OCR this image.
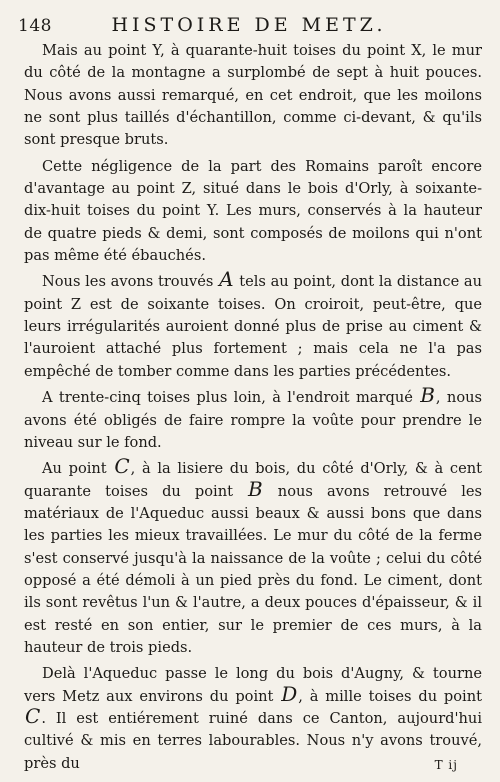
148	HISTOIRE DE METZ.

Mais au point Y, à quarante-huit toises du point X, le mur du côté de la montagne a surplombé de sept à huit pouces. Nous avons aussi remarqué, en cet endroit, que les moilons ne sont plus taillés d'échantillon, comme ci-devant, & qu'ils sont presque bruts.

Cette négligence de la part des Romains paroît encore d'avantage au point Z, situé dans le bois d'Orly, à soixante-dix-huit toises du point Y. Les murs, conservés à la hauteur de quatre pieds & demi, sont composés de moilons qui n'ont pas même été ébauchés.

Nous les avons trouvés A tels au point, dont la distance au point Z est de soixante toises. On croiroit, peut-être, que leurs irrégularités auroient donné plus de prise au ciment & l'auroient attaché plus fortement ; mais cela ne l'a pas empêché de tomber comme dans les parties précédentes.

A trente-cinq toises plus loin, à l'endroit marqué B, nous avons été obligés de faire rompre la voûte pour prendre le niveau sur le fond.

Au point C, à la lisiere du bois, du côté d'Orly, & à cent quarante toises du point B nous avons retrouvé les matériaux de l'Aqueduc aussi beaux & aussi bons que dans les parties les mieux travaillées. Le mur du côté de la ferme s'est conservé jusqu'à la naissance de la voûte ; celui du côté opposé a été démoli à un pied près du fond. Le ciment, dont ils sont revêtus l'un & l'autre, a deux pouces d'épaisseur, & il est resté en son entier, sur le premier de ces murs, à la hauteur de trois pieds.

Delà l'Aqueduc passe le long du bois d'Augny, & tourne vers Metz aux environs du point D, à mille toises du point C. Il est entiérement ruiné dans ce Canton, aujourd'hui cultivé & mis en terres labourables. Nous n'y avons trouvé, près du	T ij
